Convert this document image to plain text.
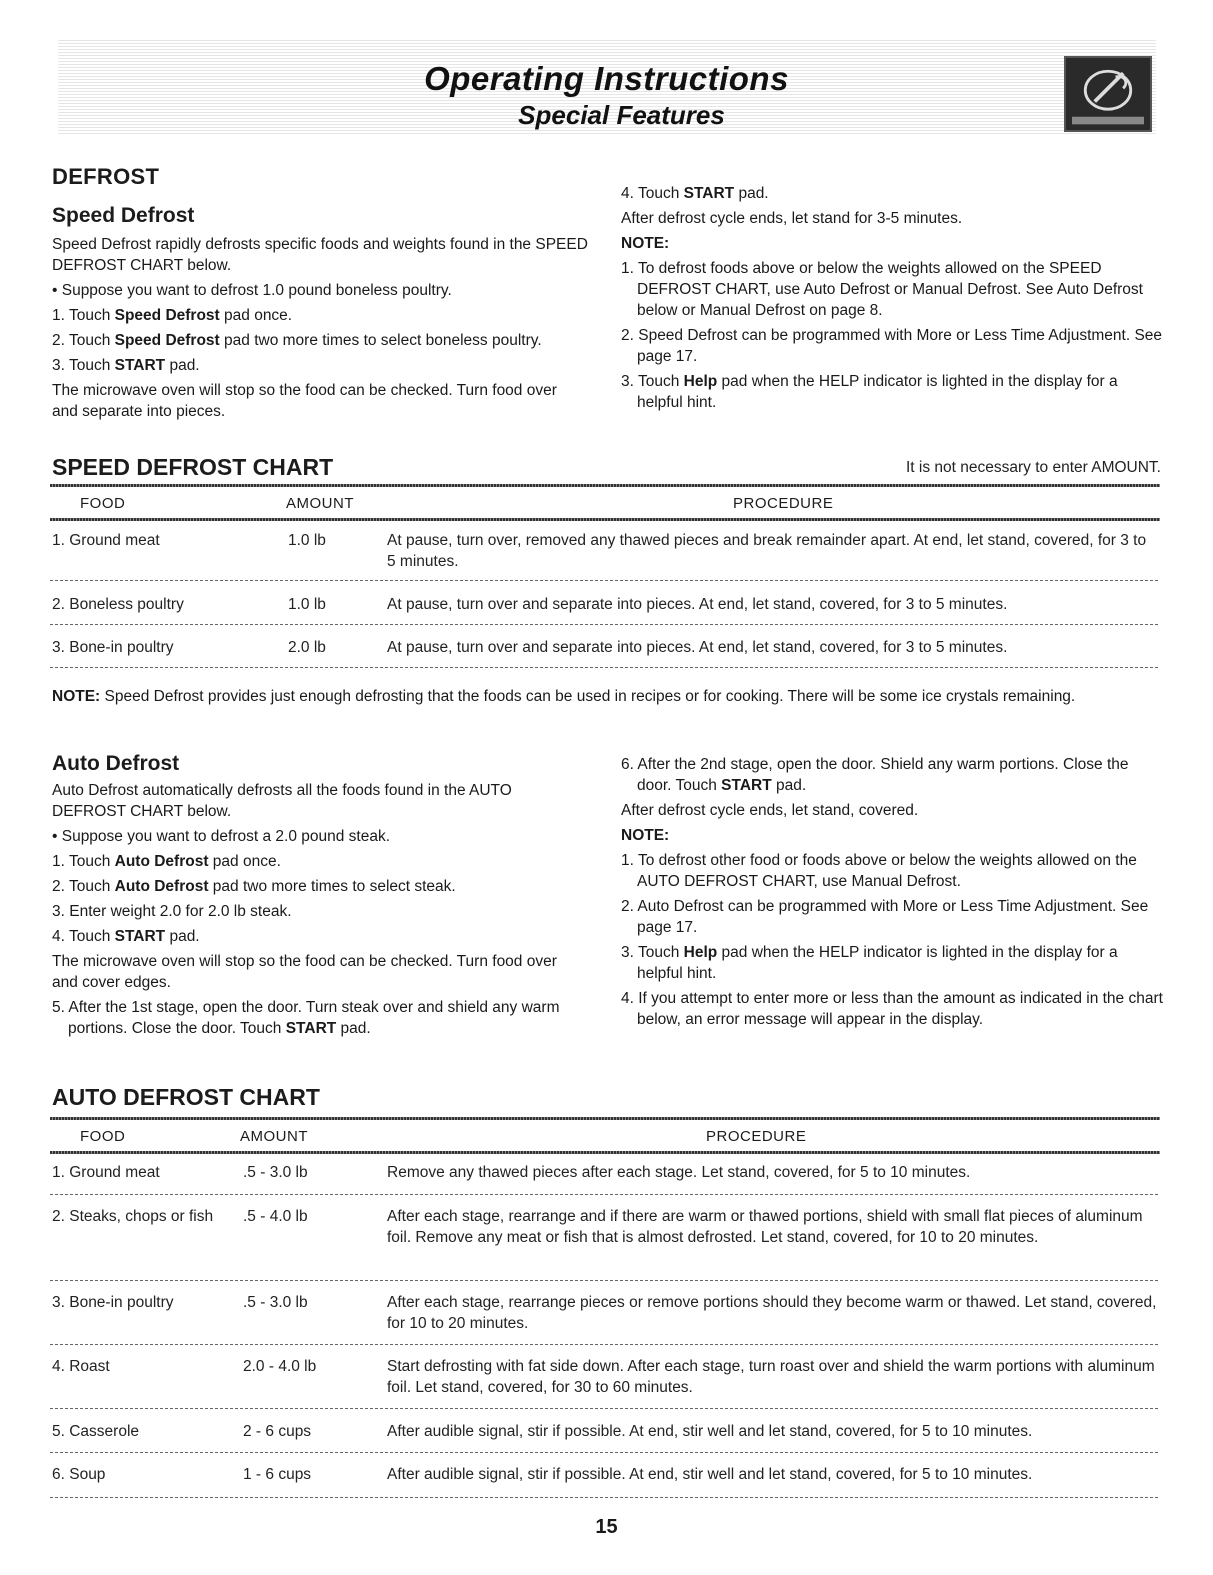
Operating Instructions
Special Features
DEFROST
Speed Defrost

Speed Defrost rapidly defrosts specific foods and weights found in the SPEED DEFROST CHART below.

• Suppose you want to defrost 1.0 pound boneless poultry.

1. Touch Speed Defrost pad once.
2. Touch Speed Defrost pad two more times to select boneless poultry.
3. Touch START pad.

The microwave oven will stop so the food can be checked. Turn food over and separate into pieces.

4. Touch START pad.

After defrost cycle ends, let stand for 3-5 minutes.

NOTE:

1. To defrost foods above or below the weights allowed on the SPEED DEFROST CHART, use Auto Defrost or Manual Defrost. See Auto Defrost below or Manual Defrost on page 8.
2. Speed Defrost can be programmed with More or Less Time Adjustment. See page 17.
3. Touch Help pad when the HELP indicator is lighted in the display for a helpful hint.
SPEED DEFROST CHART	It is not necessary to enter AMOUNT.
FOOD	AMOUNT	PROCEDURE
1. Ground meat	1.0 lb	At pause, turn over, removed any thawed pieces and break remainder apart. At end, let stand, covered, for 3 to 5 minutes.
2. Boneless poultry	1.0 lb	At pause, turn over and separate into pieces. At end, let stand, covered, for 3 to 5 minutes.
3. Bone-in poultry	2.0 lb	At pause, turn over and separate into pieces. At end, let stand, covered, for 3 to 5 minutes.
NOTE: Speed Defrost provides just enough defrosting that the foods can be used in recipes or for cooking. There will be some ice crystals remaining.
Auto Defrost

Auto Defrost automatically defrosts all the foods found in the AUTO DEFROST CHART below.

• Suppose you want to defrost a 2.0 pound steak.

1. Touch Auto Defrost pad once.
2. Touch Auto Defrost pad two more times to select steak.
3. Enter weight 2.0 for 2.0 lb steak.
4. Touch START pad.

The microwave oven will stop so the food can be checked. Turn food over and cover edges.

5. After the 1st stage, open the door. Turn steak over and shield any warm portions. Close the door. Touch START pad.
6. After the 2nd stage, open the door. Shield any warm portions. Close the door. Touch START pad.

After defrost cycle ends, let stand, covered.

NOTE:

1. To defrost other food or foods above or below the weights allowed on the AUTO DEFROST CHART, use Manual Defrost.
2. Auto Defrost can be programmed with More or Less Time Adjustment. See page 17.
3. Touch Help pad when the HELP indicator is lighted in the display for a helpful hint.
4. If you attempt to enter more or less than the amount as indicated in the chart below, an error message will appear in the display.
AUTO DEFROST CHART
FOOD	AMOUNT	PROCEDURE
1. Ground meat	.5 - 3.0 lb	Remove any thawed pieces after each stage. Let stand, covered, for 5 to 10 minutes.
2. Steaks, chops or fish	.5 - 4.0 lb	After each stage, rearrange and if there are warm or thawed portions, shield with small flat pieces of aluminum foil. Remove any meat or fish that is almost defrosted. Let stand, covered, for 10 to 20 minutes.
3. Bone-in poultry	.5 - 3.0 lb	After each stage, rearrange pieces or remove portions should they become warm or thawed. Let stand, covered, for 10 to 20 minutes.
4. Roast	2.0 - 4.0 lb	Start defrosting with fat side down. After each stage, turn roast over and shield the warm portions with aluminum foil. Let stand, covered, for 30 to 60 minutes.
5. Casserole	2 - 6 cups	After audible signal, stir if possible. At end, stir well and let stand, covered, for 5 to 10 minutes.
6. Soup	1 - 6 cups	After audible signal, stir if possible. At end, stir well and let stand, covered, for 5 to 10 minutes.
15
